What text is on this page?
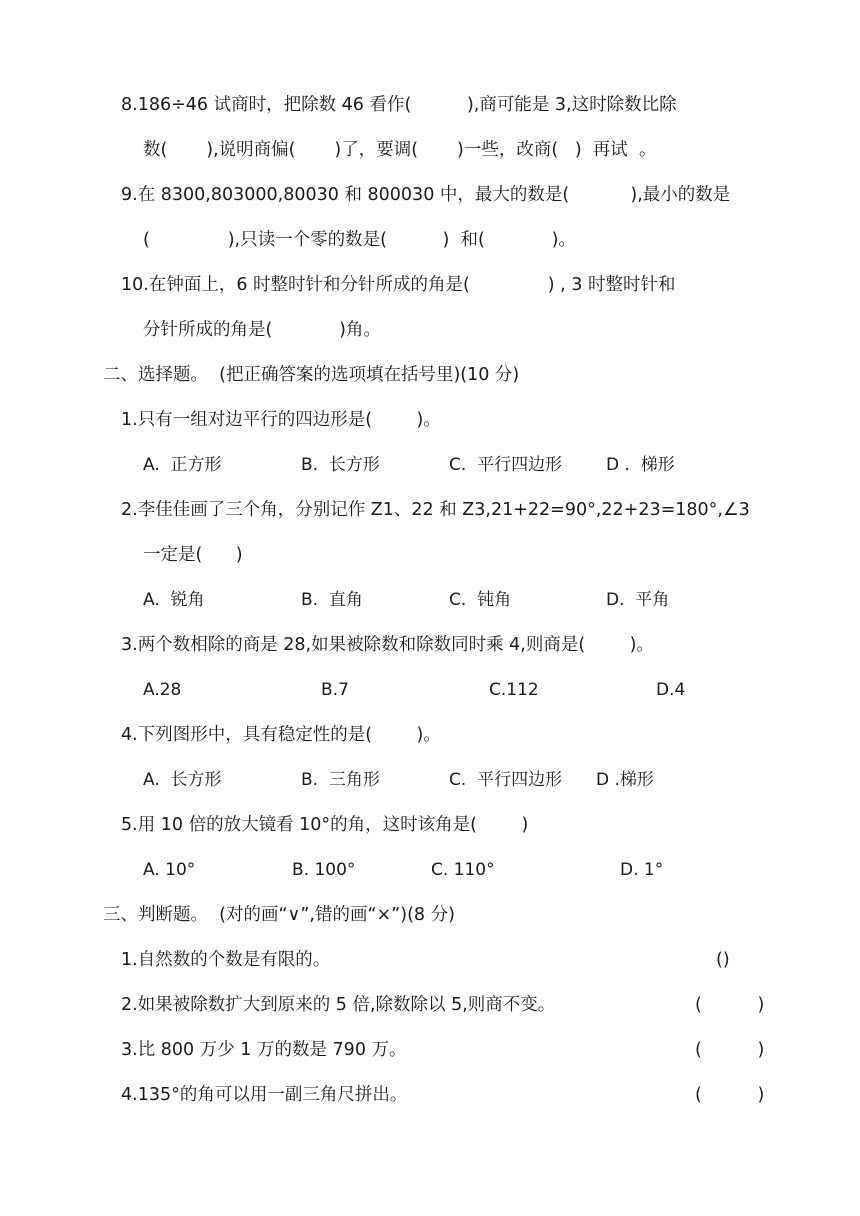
8.186÷46 试商时，把除数 46 看作(          ),商可能是 3,这时除数比除
数(       ),说明商偏(       )了，要调(       )一些，改商(   )  再试  。
9.在 8300,803000,80030 和 800030 中，最大的数是(           ),最小的数是
(              ),只读一个零的数是(          )  和(            )。
10.在钟面上，6 时整时针和分针所成的角是(              ) , 3 时整时针和
分针所成的角是(            )角。
二、选择题。  (把正确答案的选项填在括号里)(10 分)
1.只有一组对边平行的四边形是(        )。
A.  正方形	B.  长方形	C.  平行四边形	D .  梯形
2.李佳佳画了三个角，分别记作 Z1、22 和 Z3,21+22=90°,22+23=180°,∠3
一定是(      )
A.  锐角	B.  直角	C.  钝角	D.  平角
3.两个数相除的商是 28,如果被除数和除数同时乘 4,则商是(        )。
A.28	B.7	C.112	D.4
4.下列图形中，具有稳定性的是(        )。
A.  长方形	B.  三角形	C.  平行四边形 D .梯形
5.用 10 倍的放大镜看 10°的角，这时该角是(        )
A. 10°	B. 100°	C. 110°	D. 1°
三、判断题。  (对的画“∨”,错的画“×”)(8 分)
1.自然数的个数是有限的。	()
2.如果被除数扩大到原来的 5 倍,除数除以 5,则商不变。	(          )
3.比 800 万少 1 万的数是 790 万。	(          )
4.135°的角可以用一副三角尺拼出。	(          )
